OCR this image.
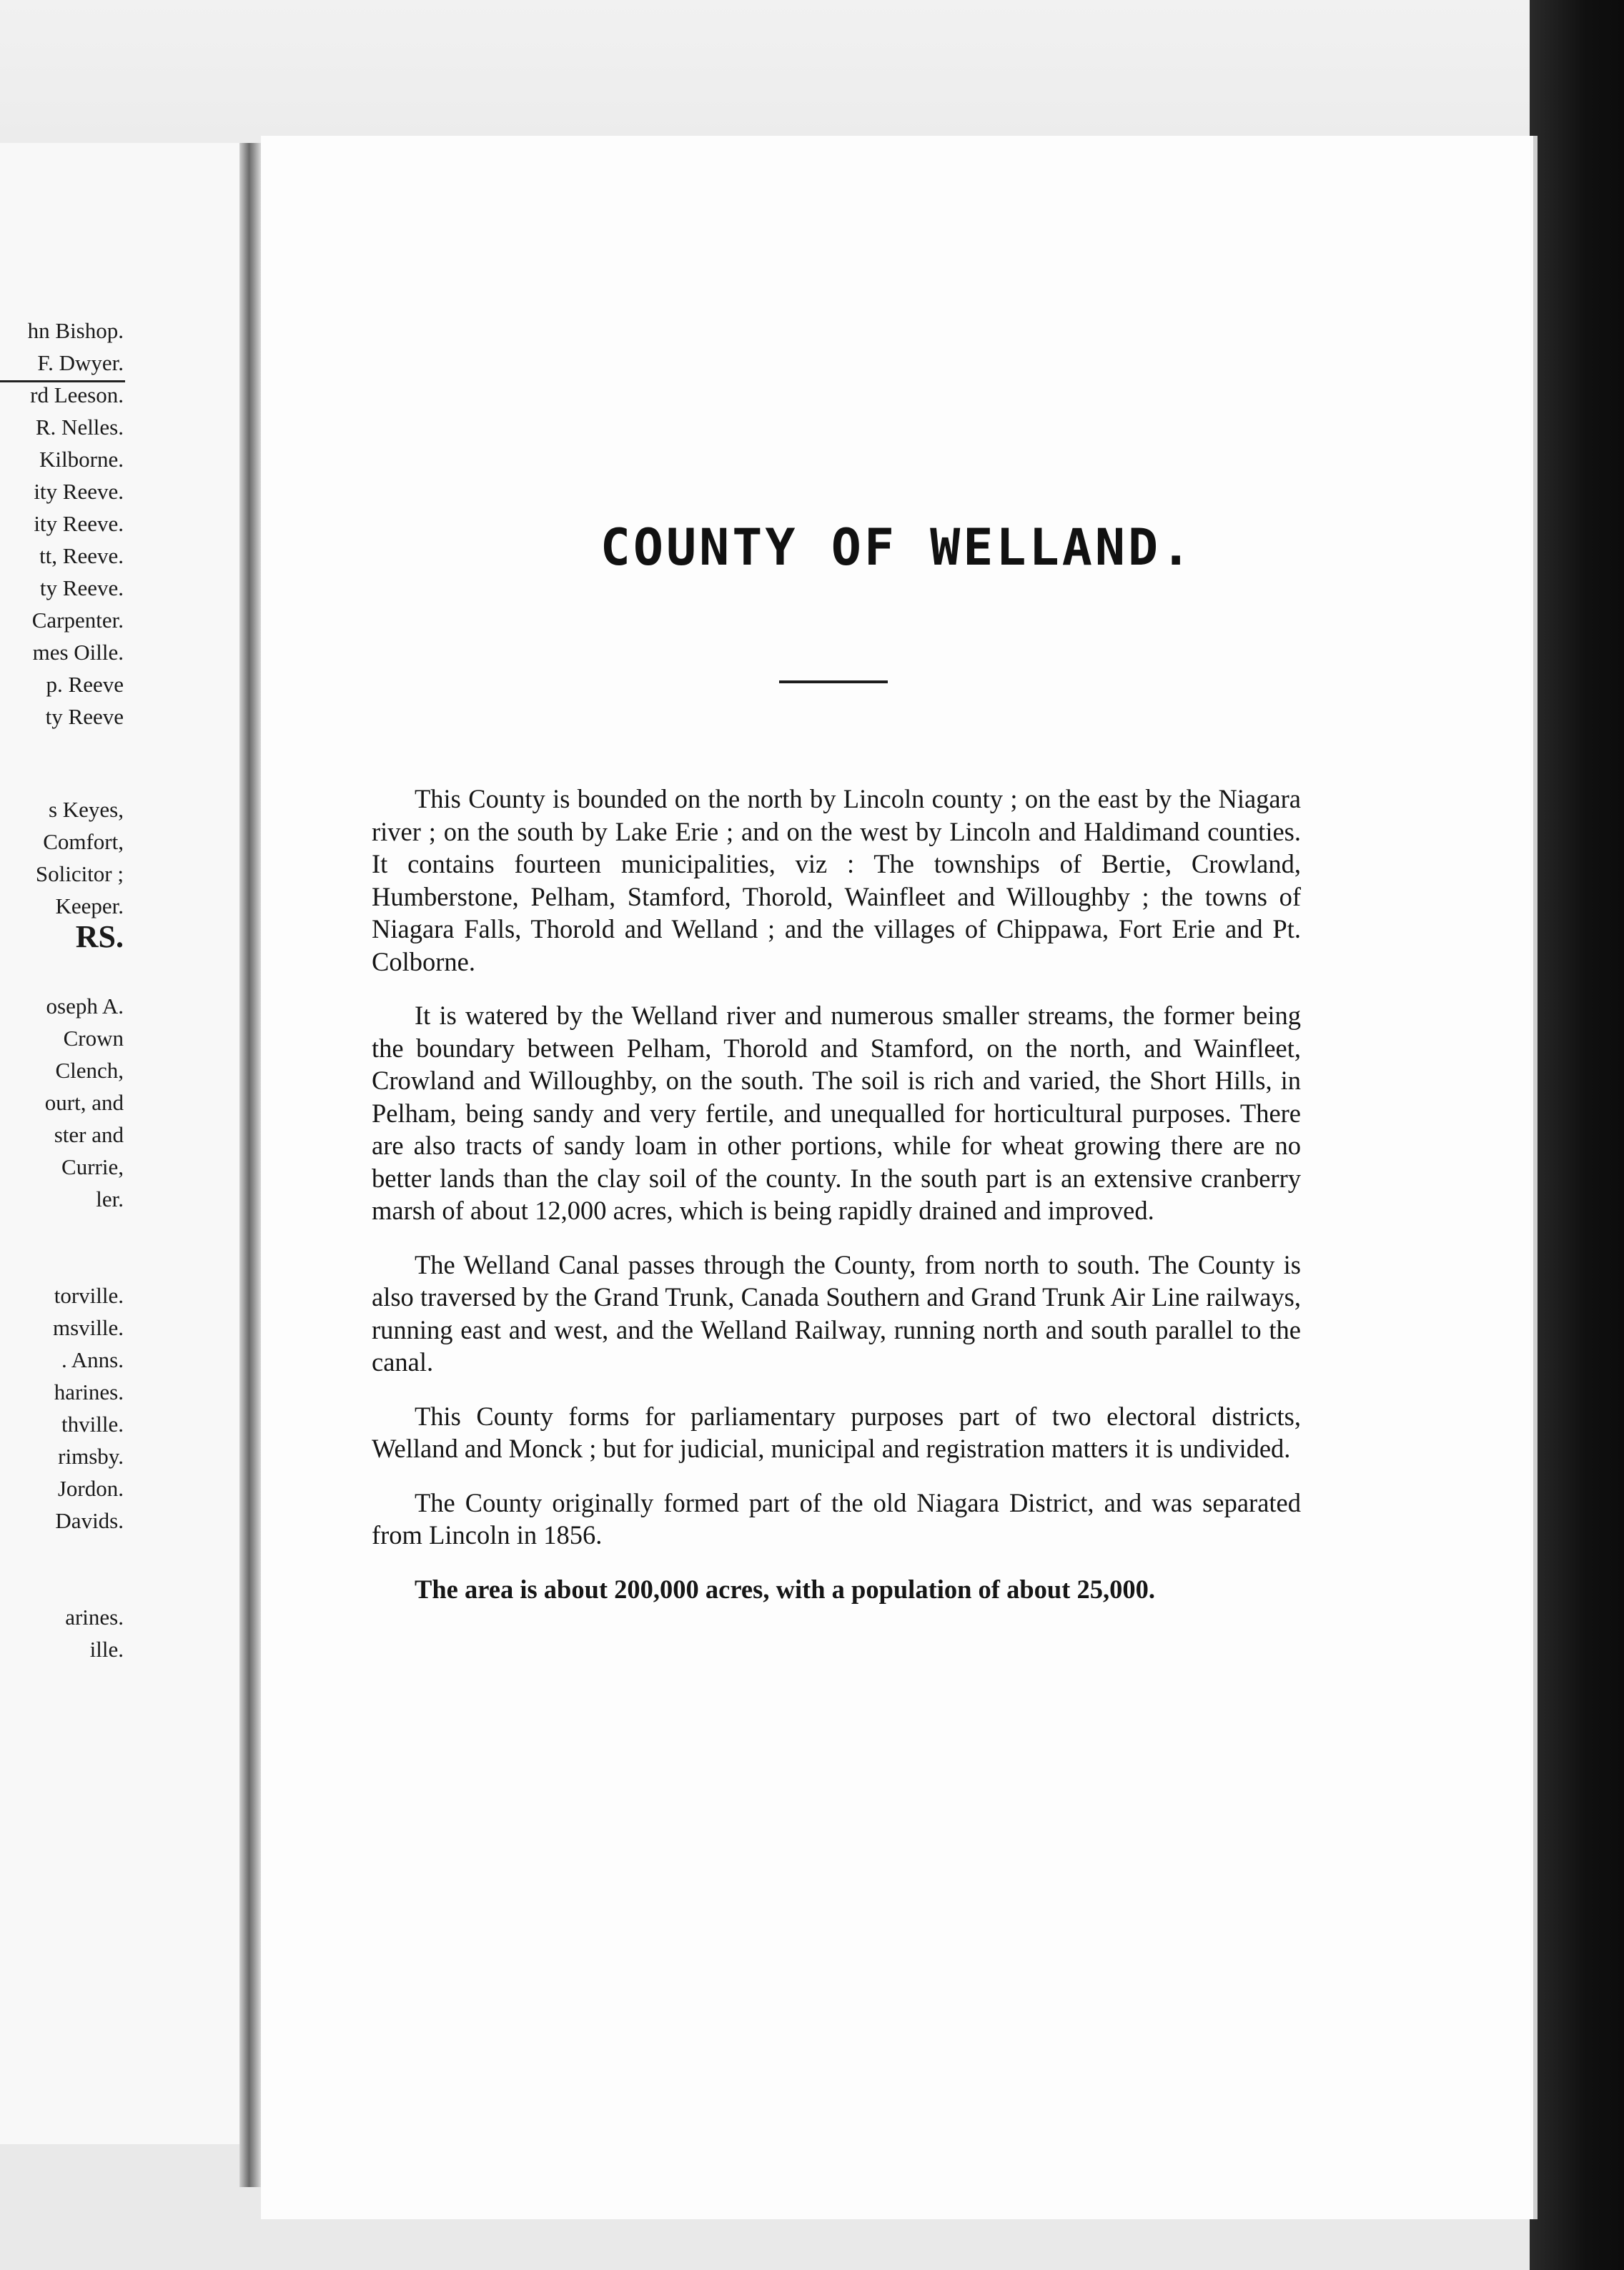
hn Bishop.
F. Dwyer.
rd Leeson.
R. Nelles.
Kilborne.
ity Reeve.
ity Reeve.
tt, Reeve.
ty Reeve.
Carpenter.
mes Oille.
p. Reeve
ty Reeve
s Keyes,
Comfort,
Solicitor ;
Keeper.
RS.
oseph A.
Crown
Clench,
ourt, and
ster and
Currie,
ler.
torville.
msville.
. Anns.
harines.
thville.
rimsby.
Jordon.
Davids.
arines.
ille.
COUNTY OF WELLAND.

This County is bounded on the north by Lincoln county ; on the east by the Niagara river ; on the south by Lake Erie ; and on the west by Lincoln and Haldimand counties. It contains fourteen municipalities, viz : The townships of Bertie, Crowland, Humberstone, Pelham, Stamford, Thorold, Wainfleet and Willoughby ; the towns of Niagara Falls, Thorold and Welland ; and the villages of Chippawa, Fort Erie and Pt. Colborne.

It is watered by the Welland river and numerous smaller streams, the former being the boundary between Pelham, Thorold and Stamford, on the north, and Wainfleet, Crowland and Willoughby, on the south. The soil is rich and varied, the Short Hills, in Pelham, being sandy and very fertile, and unequalled for horticultural purposes. There are also tracts of sandy loam in other portions, while for wheat growing there are no better lands than the clay soil of the county. In the south part is an extensive cranberry marsh of about 12,000 acres, which is being rapidly drained and improved.

The Welland Canal passes through the County, from north to south. The County is also traversed by the Grand Trunk, Canada Southern and Grand Trunk Air Line railways, running east and west, and the Welland Railway, running north and south parallel to the canal.

This County forms for parliamentary purposes part of two electoral districts, Welland and Monck ; but for judicial, municipal and registration matters it is undivided.

The County originally formed part of the old Niagara District, and was separated from Lincoln in 1856.

The area is about 200,000 acres, with a population of about 25,000.
